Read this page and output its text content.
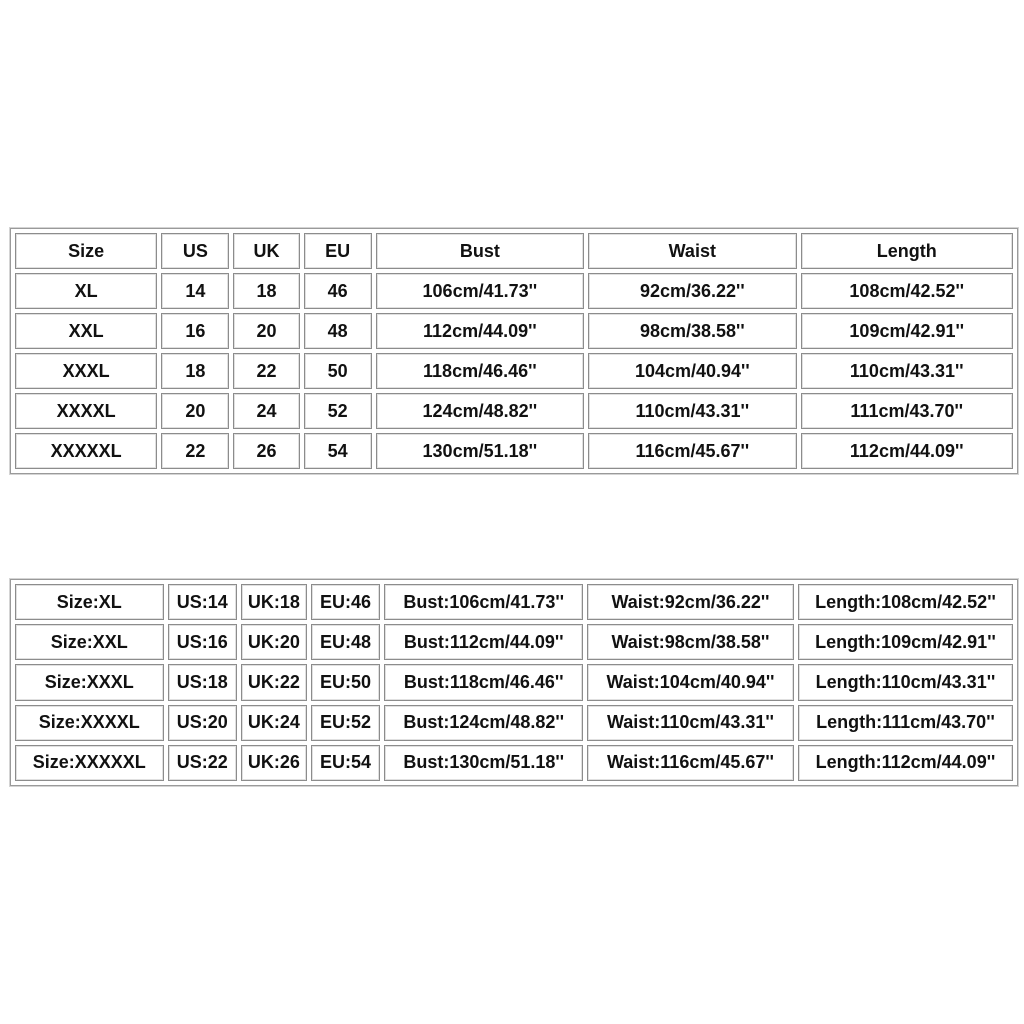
Size	US	UK	EU	Bust	Waist	Length
XL	14	18	46	106cm/41.73''	92cm/36.22''	108cm/42.52''
XXL	16	20	48	112cm/44.09''	98cm/38.58''	109cm/42.91''
XXXL	18	22	50	118cm/46.46''	104cm/40.94''	110cm/43.31''
XXXXL	20	24	52	124cm/48.82''	110cm/43.31''	111cm/43.70''
XXXXXL	22	26	54	130cm/51.18''	116cm/45.67''	112cm/44.09''
Size:XL	US:14	UK:18	EU:46	Bust:106cm/41.73''	Waist:92cm/36.22''	Length:108cm/42.52''
Size:XXL	US:16	UK:20	EU:48	Bust:112cm/44.09''	Waist:98cm/38.58''	Length:109cm/42.91''
Size:XXXL	US:18	UK:22	EU:50	Bust:118cm/46.46''	Waist:104cm/40.94''	Length:110cm/43.31''
Size:XXXXL	US:20	UK:24	EU:52	Bust:124cm/48.82''	Waist:110cm/43.31''	Length:111cm/43.70''
Size:XXXXXL	US:22	UK:26	EU:54	Bust:130cm/51.18''	Waist:116cm/45.67''	Length:112cm/44.09''
